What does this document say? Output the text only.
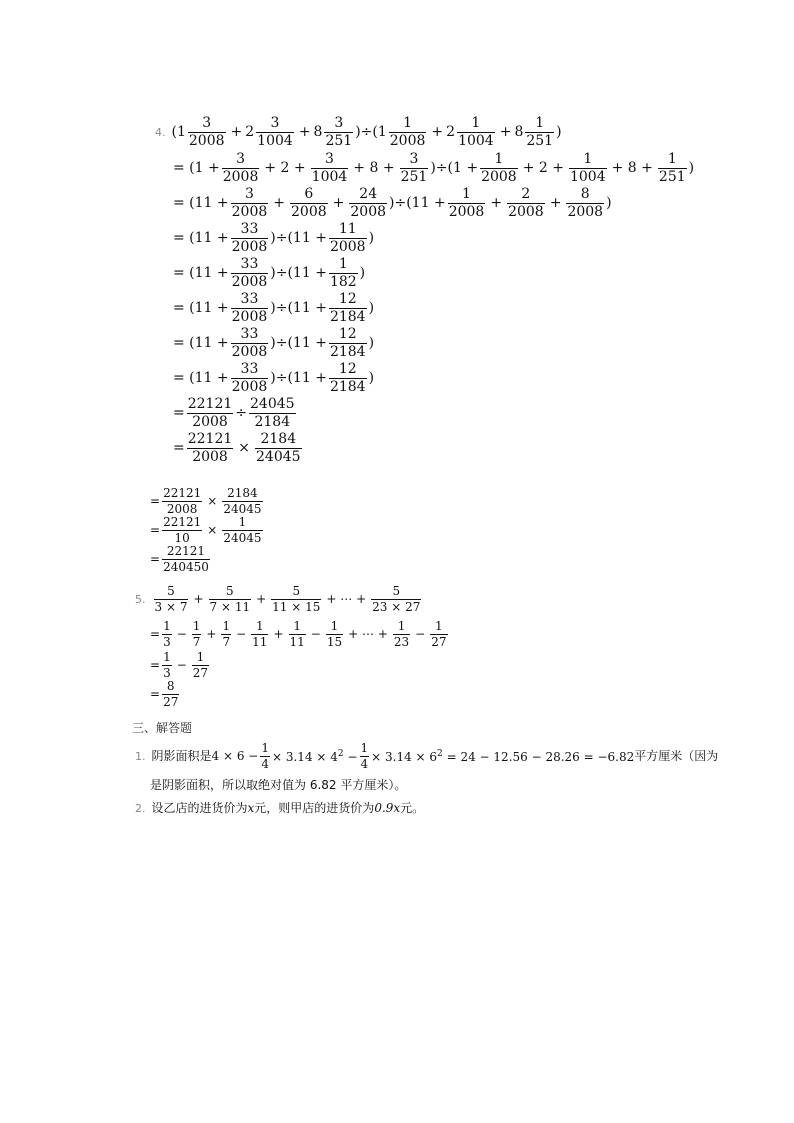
4. $(1 \frac{3}{2008} + 2 \frac{3}{1004} + 8 \frac{3}{251} )\div(1 \frac{1}{2008} + 2 \frac{1}{1004} + 8 \frac{1}{251}$ )
= $(1 + \frac{3}{2008} + 2 + \frac{3}{1004} + 8 + \frac{3}{251} )\div(1 + \frac{1}{2008} + 2 + \frac{1}{1004} + 8 + \frac{1}{251}$ )
= $(11 + \frac{3}{2008} + \frac{6}{2008} + \frac{24}{2008} )\div(11 + \frac{1}{2008} + \frac{2}{2008} + \frac{8}{2008}$ )
= $(11 + \frac{33}{2008} )\div(11 + \frac{11}{2008}$ )
= $(11 + \frac{33}{2008} )\div(11 + \frac{1}{182}$ )
= $(11 + \frac{33}{2008} )\div(11 + \frac{12}{2184}$ )
= $(11 + \frac{33}{2008} )\div(11 + \frac{12}{2184}$ )
= $(11 + \frac{33}{2008} )\div(11 + \frac{12}{2184}$ )
= $\frac{22121}{2008} \div \frac{24045}{2184}$
= $\frac{22121}{2008} \times \frac{2184}{24045}$
= $\frac{22121}{2008} \times \frac{2184}{24045}$
= $\frac{22121}{10} \times \frac{1}{24045}$
= $\frac{22121}{240450}$
5. $\frac{5}{3 \times 7} + \frac{5}{7 \times 11} + \frac{5}{11 \times 15}$ + ⋯ + $\frac{5}{23 \times 27}$
= $\frac{1}{3} - \frac{1}{7} + \frac{1}{7} - \frac{1}{11} + \frac{1}{11} - \frac{1}{15}$ + ⋯ + $\frac{1}{23} - \frac{1}{27}$
= $\frac{1}{3} - \frac{1}{27}$
= $\frac{8}{27}$
三、解答题
1. 阴影面积是 $4 \times 6 - \frac{1}{4} \times 3.14 \times 4^2 - \frac{1}{4} \times 3.14 \times 6^2 = 24 - 12.56 - 28.26 = -6.82$ 平方厘米（因为
是阴影面积，所以取绝对值为 6.82 平方厘米）。
2. 设乙店的进货价为 x 元，则甲店的进货价为 0.9x 元。
